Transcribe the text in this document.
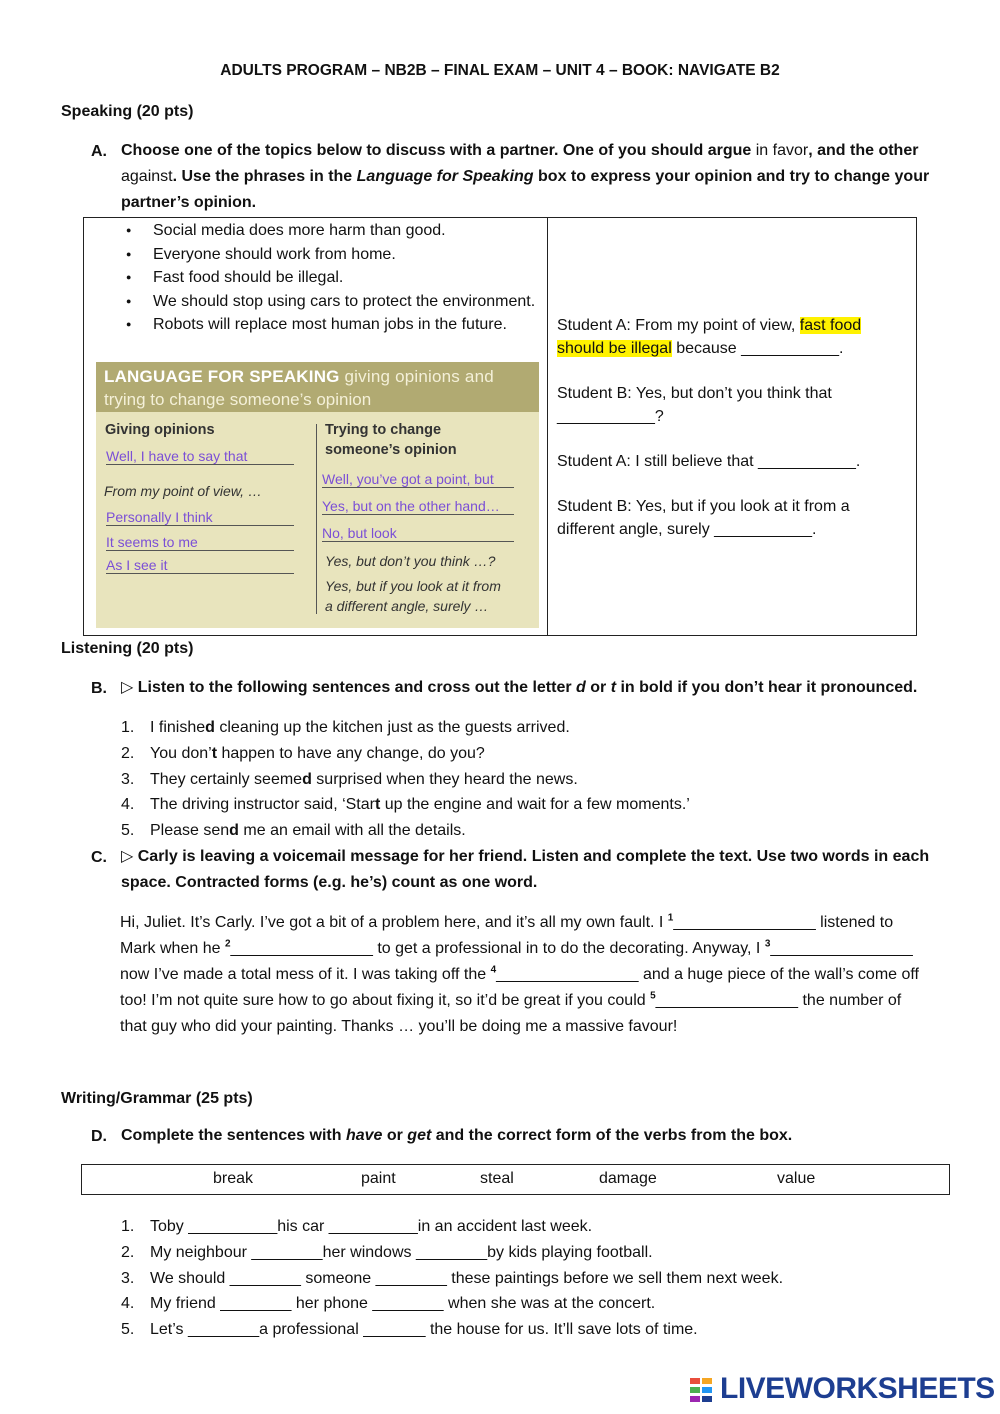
ADULTS PROGRAM – NB2B – FINAL EXAM – UNIT 4 – BOOK: NAVIGATE B2
Speaking (20 pts)
A. Choose one of the topics below to discuss with a partner. One of you should argue in favor, and the other against. Use the phrases in the Language for Speaking box to express your opinion and try to change your partner’s opinion.
● Social media does more harm than good.
● Everyone should work from home.
● Fast food should be illegal.
● We should stop using cars to protect the environment.
● Robots will replace most human jobs in the future.
LANGUAGE FOR SPEAKING giving opinions and
trying to change someone’s opinion
Giving opinions	Trying to change
someone’s opinion
Well, I have to say that
From my point of view, …
Personally I think
It seems to me
As I see it
Well, you’ve got a point, but
Yes, but on the other hand…
No, but look
Yes, but don’t you think …?
Yes, but if you look at it from
a different angle, surely …
Student A: From my point of view, fast food
should be illegal because ___________.
Student B: Yes, but don’t you think that
___________?
Student A: I still believe that ___________.
Student B: Yes, but if you look at it from a
different angle, surely ___________.
Listening (20 pts)
B. ▷ Listen to the following sentences and cross out the letter d or t in bold if you don’t hear it pronounced.
1. I finished cleaning up the kitchen just as the guests arrived.
2. You don’t happen to have any change, do you?
3. They certainly seemed surprised when they heard the news.
4. The driving instructor said, ‘Start up the engine and wait for a few moments.’
5. Please send me an email with all the details.
C. ▷ Carly is leaving a voicemail message for her friend. Listen and complete the text. Use two words in each space. Contracted forms (e.g. he’s) count as one word.
Hi, Juliet. It’s Carly. I’ve got a bit of a problem here, and it’s all my own fault. I $^1$________________ listened to Mark when he $^2$________________ to get a professional in to do the decorating. Anyway, I $^3$________________ now I’ve made a total mess of it. I was taking off the $^4$________________ and a huge piece of the wall’s come off too! I’m not quite sure how to go about fixing it, so it’d be great if you could $^5$________________ the number of that guy who did your painting. Thanks … you’ll be doing me a massive favour!
Writing/Grammar (25 pts)
D. Complete the sentences with have or get and the correct form of the verbs from the box.
break	paint	steal	damage	value
1. Toby __________his car __________in an accident last week.
2. My neighbour ________her windows ________by kids playing football.
3. We should ________ someone ________ these paintings before we sell them next week.
4. My friend ________ her phone ________ when she was at the concert.
5. Let’s ________a professional _______ the house for us. It’ll save lots of time.
LIVEWORKSHEETS
